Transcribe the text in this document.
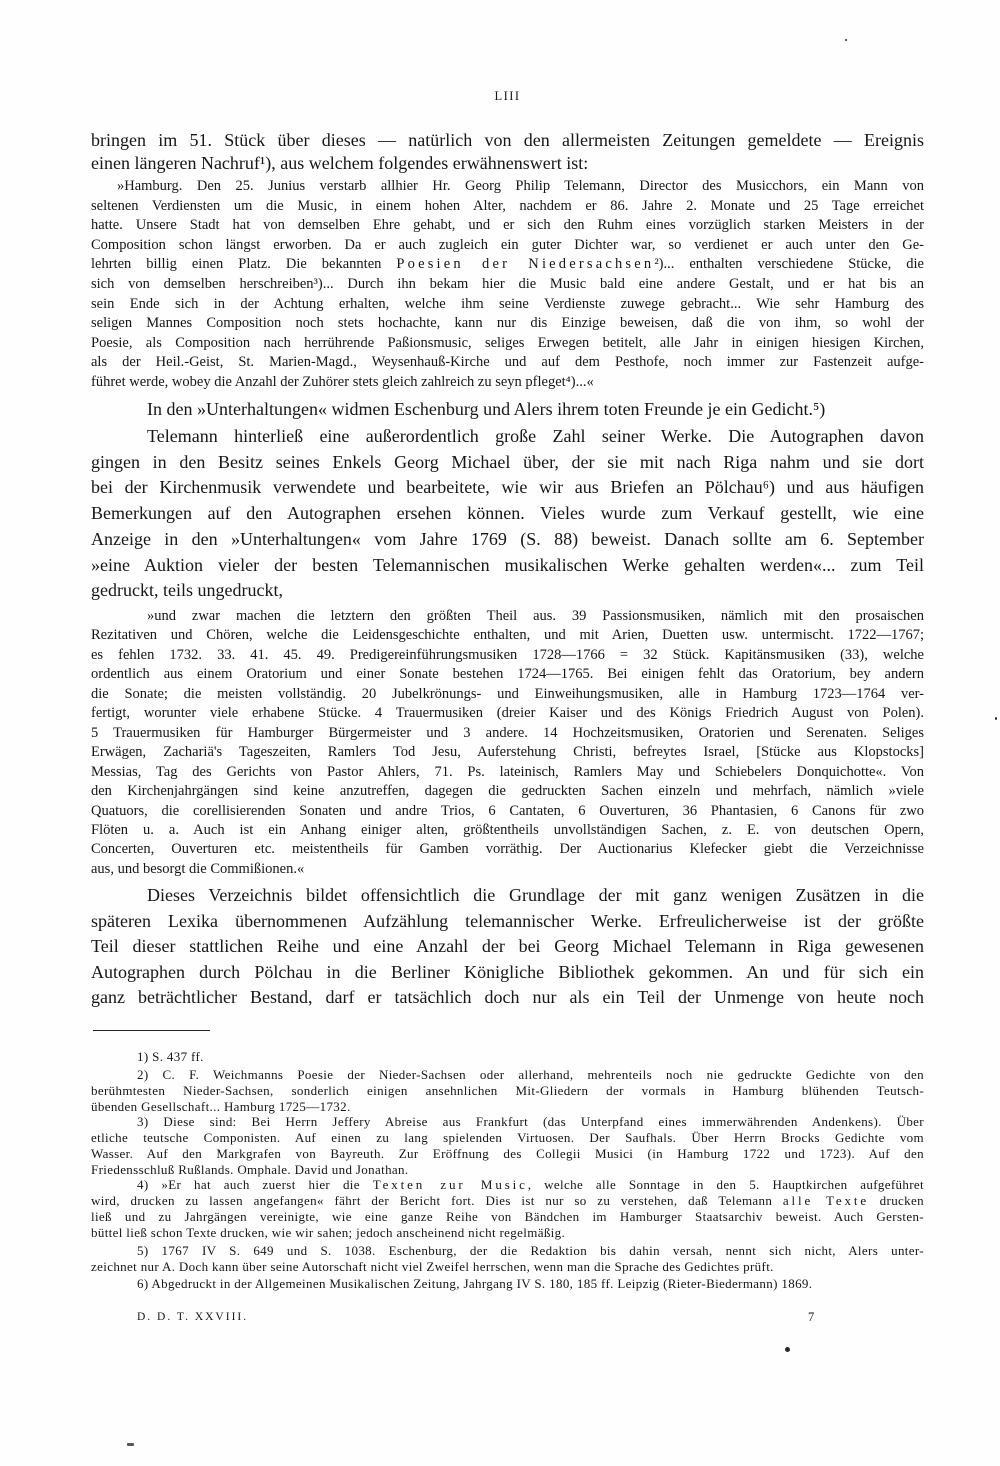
LIII
bringen im 51. Stück über dieses — natürlich von den allermeisten Zeitungen gemeldete — Ereignis
einen längeren Nachruf¹), aus welchem folgendes erwähnenswert ist:
»Hamburg. Den 25. Junius verstarb allhier Hr. Georg Philip Telemann, Director des Musicchors, ein Mann von
seltenen Verdiensten um die Music, in einem hohen Alter, nachdem er 86. Jahre 2. Monate und 25 Tage erreichet
hatte. Unsere Stadt hat von demselben Ehre gehabt, und er sich den Ruhm eines vorzüglich starken Meisters in der
Composition schon längst erworben. Da er auch zugleich ein guter Dichter war, so verdienet er auch unter den Ge-
lehrten billig einen Platz. Die bekannten Poesien der Niedersachsen²)... enthalten verschiedene Stücke, die
sich von demselben herschreiben³)... Durch ihn bekam hier die Music bald eine andere Gestalt, und er hat bis an
sein Ende sich in der Achtung erhalten, welche ihm seine Verdienste zuwege gebracht... Wie sehr Hamburg des
seligen Mannes Composition noch stets hochachte, kann nur dis Einzige beweisen, daß die von ihm, so wohl der
Poesie, als Composition nach herrührende Paßionsmusic, seliges Erwegen betitelt, alle Jahr in einigen hiesigen Kirchen,
als der Heil.-Geist, St. Marien-Magd., Weysenhauß-Kirche und auf dem Pesthofe, noch immer zur Fastenzeit aufge-
führet werde, wobey die Anzahl der Zuhörer stets gleich zahlreich zu seyn pfleget⁴)...«
In den »Unterhaltungen« widmen Eschenburg und Alers ihrem toten Freunde je ein Gedicht.⁵)
Telemann hinterließ eine außerordentlich große Zahl seiner Werke. Die Autographen davon
gingen in den Besitz seines Enkels Georg Michael über, der sie mit nach Riga nahm und sie dort
bei der Kirchenmusik verwendete und bearbeitete, wie wir aus Briefen an Pölchau⁶) und aus häufigen
Bemerkungen auf den Autographen ersehen können. Vieles wurde zum Verkauf gestellt, wie eine
Anzeige in den »Unterhaltungen« vom Jahre 1769 (S. 88) beweist. Danach sollte am 6. September
»eine Auktion vieler der besten Telemannischen musikalischen Werke gehalten werden«... zum Teil
gedruckt, teils ungedruckt,
»und zwar machen die letztern den größten Theil aus. 39 Passionsmusiken, nämlich mit den prosaischen
Rezitativen und Chören, welche die Leidensgeschichte enthalten, und mit Arien, Duetten usw. untermischt. 1722—1767;
es fehlen 1732. 33. 41. 45. 49. Predigereinführungsmusiken 1728—1766 = 32 Stück. Kapitänsmusiken (33), welche
ordentlich aus einem Oratorium und einer Sonate bestehen 1724—1765. Bei einigen fehlt das Oratorium, bey andern
die Sonate; die meisten vollständig. 20 Jubelkrönungs- und Einweihungsmusiken, alle in Hamburg 1723—1764 ver-
fertigt, worunter viele erhabene Stücke. 4 Trauermusiken (dreier Kaiser und des Königs Friedrich August von Polen).
5 Trauermusiken für Hamburger Bürgermeister und 3 andere. 14 Hochzeitsmusiken, Oratorien und Serenaten. Seliges
Erwägen, Zachariä's Tageszeiten, Ramlers Tod Jesu, Auferstehung Christi, befreytes Israel, [Stücke aus Klopstocks]
Messias, Tag des Gerichts von Pastor Ahlers, 71. Ps. lateinisch, Ramlers May und Schiebelers Donquichotte«. Von
den Kirchenjahrgängen sind keine anzutreffen, dagegen die gedruckten Sachen einzeln und mehrfach, nämlich »viele
Quatuors, die corellisierenden Sonaten und andre Trios, 6 Cantaten, 6 Ouverturen, 36 Phantasien, 6 Canons für zwo
Flöten u. a. Auch ist ein Anhang einiger alten, größtentheils unvollständigen Sachen, z. E. von deutschen Opern,
Concerten, Ouverturen etc. meistentheils für Gamben vorräthig. Der Auctionarius Klefecker giebt die Verzeichnisse
aus, und besorgt die Commißionen.«
Dieses Verzeichnis bildet offensichtlich die Grundlage der mit ganz wenigen Zusätzen in die
späteren Lexika übernommenen Aufzählung telemannischer Werke. Erfreulicherweise ist der größte
Teil dieser stattlichen Reihe und eine Anzahl der bei Georg Michael Telemann in Riga gewesenen
Autographen durch Pölchau in die Berliner Königliche Bibliothek gekommen. An und für sich ein
ganz beträchtlicher Bestand, darf er tatsächlich doch nur als ein Teil der Unmenge von heute noch
1) S. 437 ff.
2) C. F. Weichmanns Poesie der Nieder-Sachsen oder allerhand, mehrenteils noch nie gedruckte Gedichte von den
berühmtesten Nieder-Sachsen, sonderlich einigen ansehnlichen Mit-Gliedern der vormals in Hamburg blühenden Teutsch-
übenden Gesellschaft... Hamburg 1725—1732.
3) Diese sind: Bei Herrn Jeffery Abreise aus Frankfurt (das Unterpfand eines immerwährenden Andenkens). Über
etliche teutsche Componisten. Auf einen zu lang spielenden Virtuosen. Der Saufhals. Über Herrn Brocks Gedichte vom
Wasser. Auf den Markgrafen von Bayreuth. Zur Eröffnung des Collegii Musici (in Hamburg 1722 und 1723). Auf den
Friedensschluß Rußlands. Omphale. David und Jonathan.
4) »Er hat auch zuerst hier die Texten zur Music, welche alle Sonntage in den 5. Hauptkirchen aufgeführet
wird, drucken zu lassen angefangen« fährt der Bericht fort. Dies ist nur so zu verstehen, daß Telemann alle Texte drucken
ließ und zu Jahrgängen vereinigte, wie eine ganze Reihe von Bändchen im Hamburger Staatsarchiv beweist. Auch Gersten-
büttel ließ schon Texte drucken, wie wir sahen; jedoch anscheinend nicht regelmäßig.
5) 1767 IV S. 649 und S. 1038. Eschenburg, der die Redaktion bis dahin versah, nennt sich nicht, Alers unter-
zeichnet nur A. Doch kann über seine Autorschaft nicht viel Zweifel herrschen, wenn man die Sprache des Gedichtes prüft.
6) Abgedruckt in der Allgemeinen Musikalischen Zeitung, Jahrgang IV S. 180, 185 ff. Leipzig (Rieter-Biedermann) 1869.
D. D. T. XXVIII.	7
